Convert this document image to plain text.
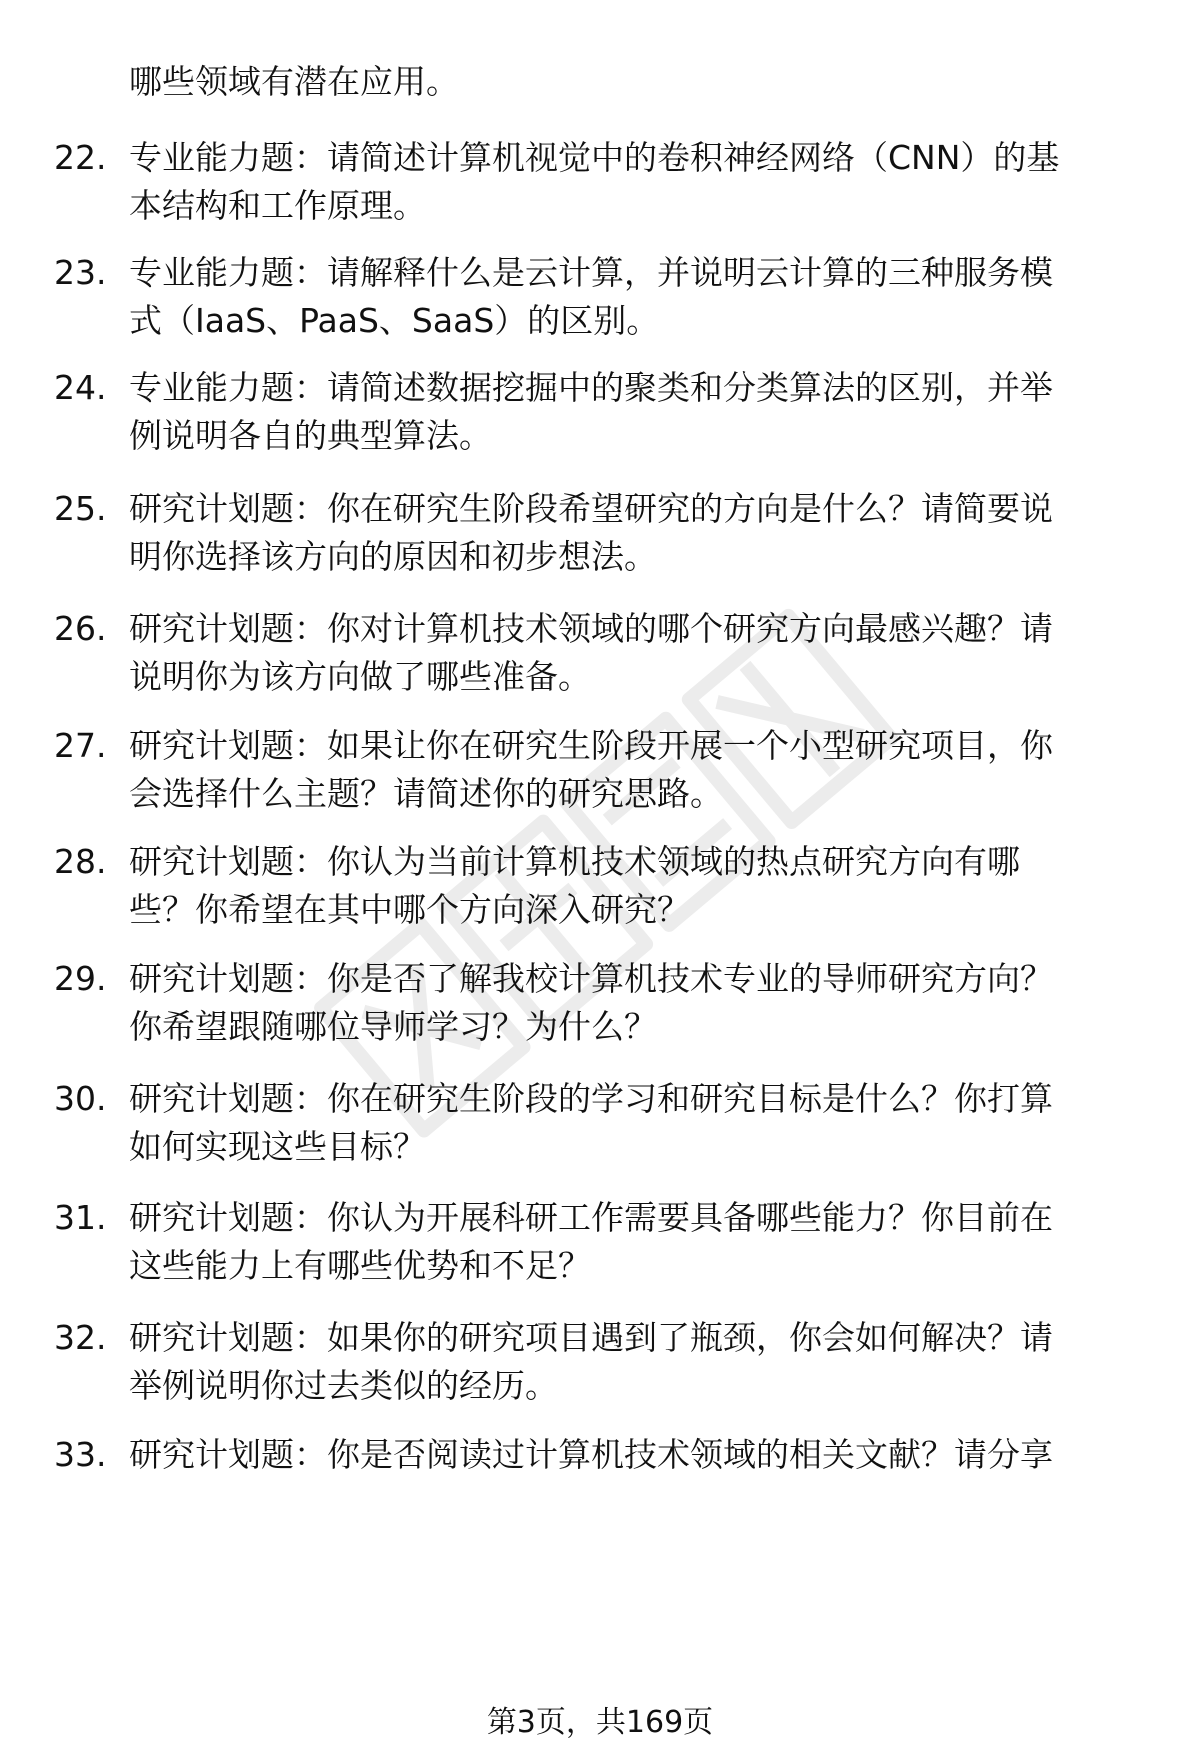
哪些领域有潜在应用。
22. 专业能力题：请简述计算机视觉中的卷积神经网络（CNN）的基
本结构和工作原理。
23. 专业能力题：请解释什么是云计算，并说明云计算的三种服务模
式（IaaS、PaaS、SaaS）的区别。
24. 专业能力题：请简述数据挖掘中的聚类和分类算法的区别，并举
例说明各自的典型算法。
25. 研究计划题：你在研究生阶段希望研究的方向是什么？请简要说
明你选择该方向的原因和初步想法。
26. 研究计划题：你对计算机技术领域的哪个研究方向最感兴趣？请
说明你为该方向做了哪些准备。
27. 研究计划题：如果让你在研究生阶段开展一个小型研究项目，你
会选择什么主题？请简述你的研究思路。
28. 研究计划题：你认为当前计算机技术领域的热点研究方向有哪
些？你希望在其中哪个方向深入研究？
29. 研究计划题：你是否了解我校计算机技术专业的导师研究方向？
你希望跟随哪位导师学习？为什么？
30. 研究计划题：你在研究生阶段的学习和研究目标是什么？你打算
如何实现这些目标？
31. 研究计划题：你认为开展科研工作需要具备哪些能力？你目前在
这些能力上有哪些优势和不足？
32. 研究计划题：如果你的研究项目遇到了瓶颈，你会如何解决？请
举例说明你过去类似的经历。
33. 研究计划题：你是否阅读过计算机技术领域的相关文献？请分享
第3页，共169页
